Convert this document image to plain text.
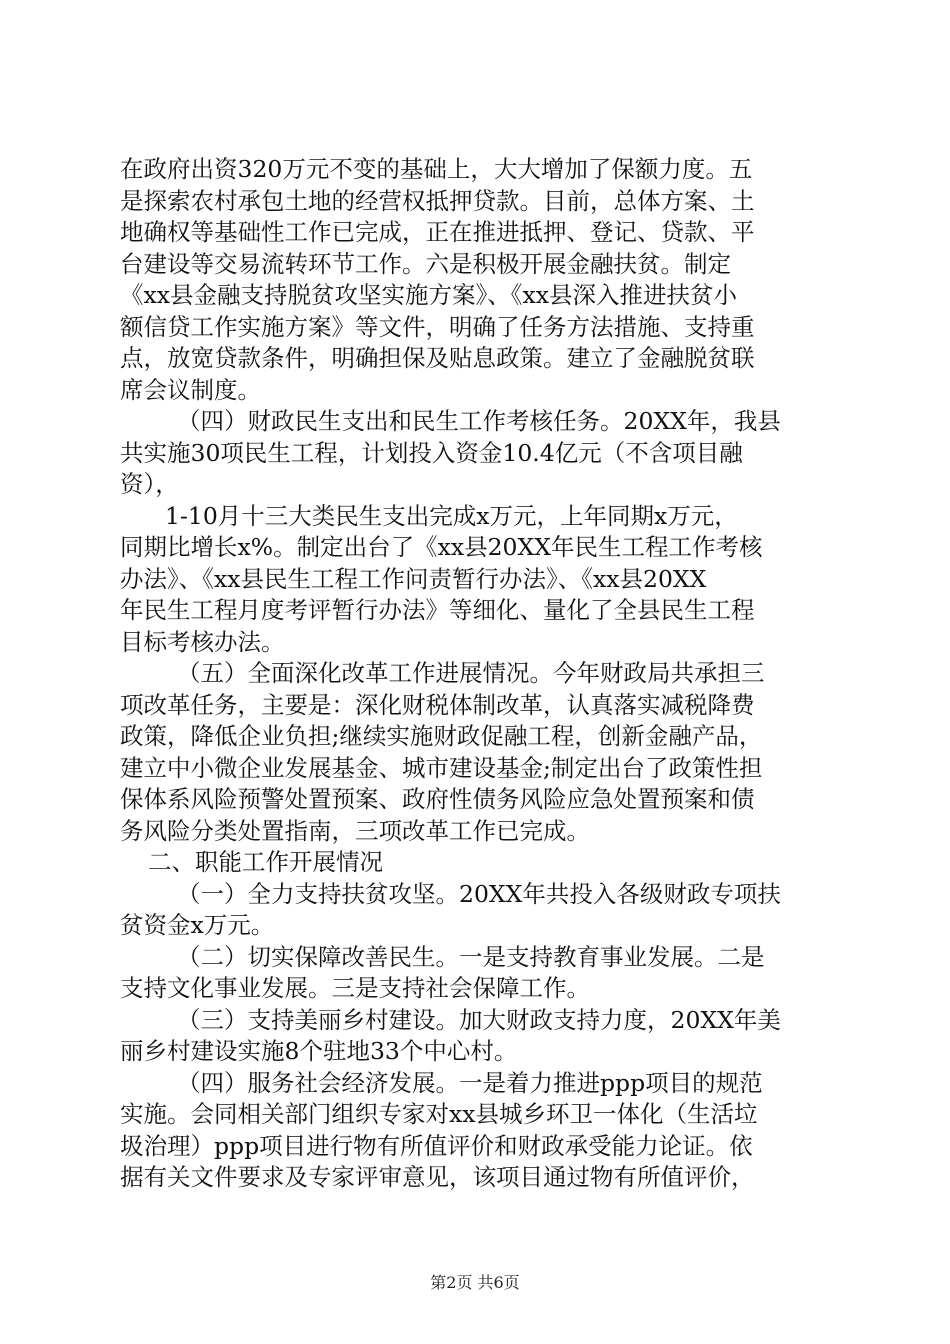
在政府出资320万元不变的基础上，大大增加了保额力度。五
是探索农村承包土地的经营权抵押贷款。目前，总体方案、土
地确权等基础性工作已完成，正在推进抵押、登记、贷款、平
台建设等交易流转环节工作。六是积极开展金融扶贫。制定
《xx县金融支持脱贫攻坚实施方案》、《xx县深入推进扶贫小
额信贷工作实施方案》等文件，明确了任务方法措施、支持重
点，放宽贷款条件，明确担保及贴息政策。建立了金融脱贫联
席会议制度。
（四）财政民生支出和民生工作考核任务。20XX年，我县
共实施30项民生工程，计划投入资金10.4亿元（不含项目融
资），
1-10月十三大类民生支出完成x万元，上年同期x万元，
同期比增长x%。制定出台了《xx县20XX年民生工程工作考核
办法》、《xx县民生工程工作问责暂行办法》、《xx县20XX
年民生工程月度考评暂行办法》等细化、量化了全县民生工程
目标考核办法。
（五）全面深化改革工作进展情况。今年财政局共承担三
项改革任务，主要是：深化财税体制改革，认真落实减税降费
政策，降低企业负担;继续实施财政促融工程，创新金融产品，
建立中小微企业发展基金、城市建设基金;制定出台了政策性担
保体系风险预警处置预案、政府性债务风险应急处置预案和债
务风险分类处置指南，三项改革工作已完成。
二、职能工作开展情况
（一）全力支持扶贫攻坚。20XX年共投入各级财政专项扶
贫资金x万元。
（二）切实保障改善民生。一是支持教育事业发展。二是
支持文化事业发展。三是支持社会保障工作。
（三）支持美丽乡村建设。加大财政支持力度，20XX年美
丽乡村建设实施8个驻地33个中心村。
（四）服务社会经济发展。一是着力推进ppp项目的规范
实施。会同相关部门组织专家对xx县城乡环卫一体化（生活垃
圾治理）ppp项目进行物有所值评价和财政承受能力论证。依
据有关文件要求及专家评审意见，该项目通过物有所值评价，
第2页 共6页
